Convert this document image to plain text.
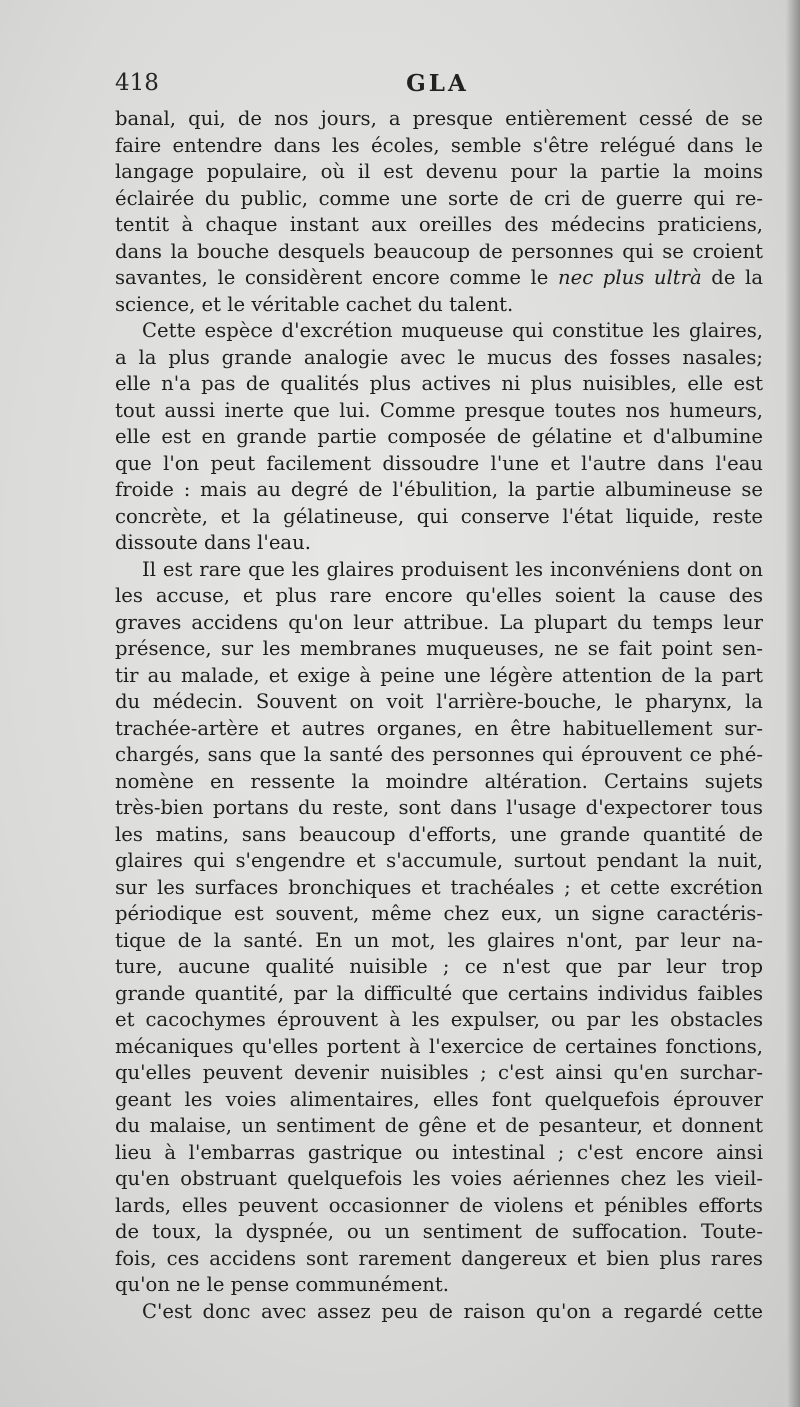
418	GLA
banal, qui, de nos jours, a presque entièrement cessé de se
faire entendre dans les écoles, semble s'être relégué dans le
langage populaire, où il est devenu pour la partie la moins
éclairée du public, comme une sorte de cri de guerre qui re-
tentit à chaque instant aux oreilles des médecins praticiens,
dans la bouche desquels beaucoup de personnes qui se croient
savantes, le considèrent encore comme le nec plus ultrà de la
science, et le véritable cachet du talent.
Cette espèce d'excrétion muqueuse qui constitue les glaires,
a la plus grande analogie avec le mucus des fosses nasales;
elle n'a pas de qualités plus actives ni plus nuisibles, elle est
tout aussi inerte que lui. Comme presque toutes nos humeurs,
elle est en grande partie composée de gélatine et d'albumine
que l'on peut facilement dissoudre l'une et l'autre dans l'eau
froide : mais au degré de l'ébulition, la partie albumineuse se
concrète, et la gélatineuse, qui conserve l'état liquide, reste
dissoute dans l'eau.
Il est rare que les glaires produisent les inconvéniens dont on
les accuse, et plus rare encore qu'elles soient la cause des
graves accidens qu'on leur attribue. La plupart du temps leur
présence, sur les membranes muqueuses, ne se fait point sen-
tir au malade, et exige à peine une légère attention de la part
du médecin. Souvent on voit l'arrière-bouche, le pharynx, la
trachée-artère et autres organes, en être habituellement sur-
chargés, sans que la santé des personnes qui éprouvent ce phé-
nomène en ressente la moindre altération. Certains sujets
très-bien portans du reste, sont dans l'usage d'expectorer tous
les matins, sans beaucoup d'efforts, une grande quantité de
glaires qui s'engendre et s'accumule, surtout pendant la nuit,
sur les surfaces bronchiques et trachéales ; et cette excrétion
périodique est souvent, même chez eux, un signe caractéris-
tique de la santé. En un mot, les glaires n'ont, par leur na-
ture, aucune qualité nuisible ; ce n'est que par leur trop
grande quantité, par la difficulté que certains individus faibles
et cacochymes éprouvent à les expulser, ou par les obstacles
mécaniques qu'elles portent à l'exercice de certaines fonctions,
qu'elles peuvent devenir nuisibles ; c'est ainsi qu'en surchar-
geant les voies alimentaires, elles font quelquefois éprouver
du malaise, un sentiment de gêne et de pesanteur, et donnent
lieu à l'embarras gastrique ou intestinal ; c'est encore ainsi
qu'en obstruant quelquefois les voies aériennes chez les vieil-
lards, elles peuvent occasionner de violens et pénibles efforts
de toux, la dyspnée, ou un sentiment de suffocation. Toute-
fois, ces accidens sont rarement dangereux et bien plus rares
qu'on ne le pense communément.
C'est donc avec assez peu de raison qu'on a regardé cette
